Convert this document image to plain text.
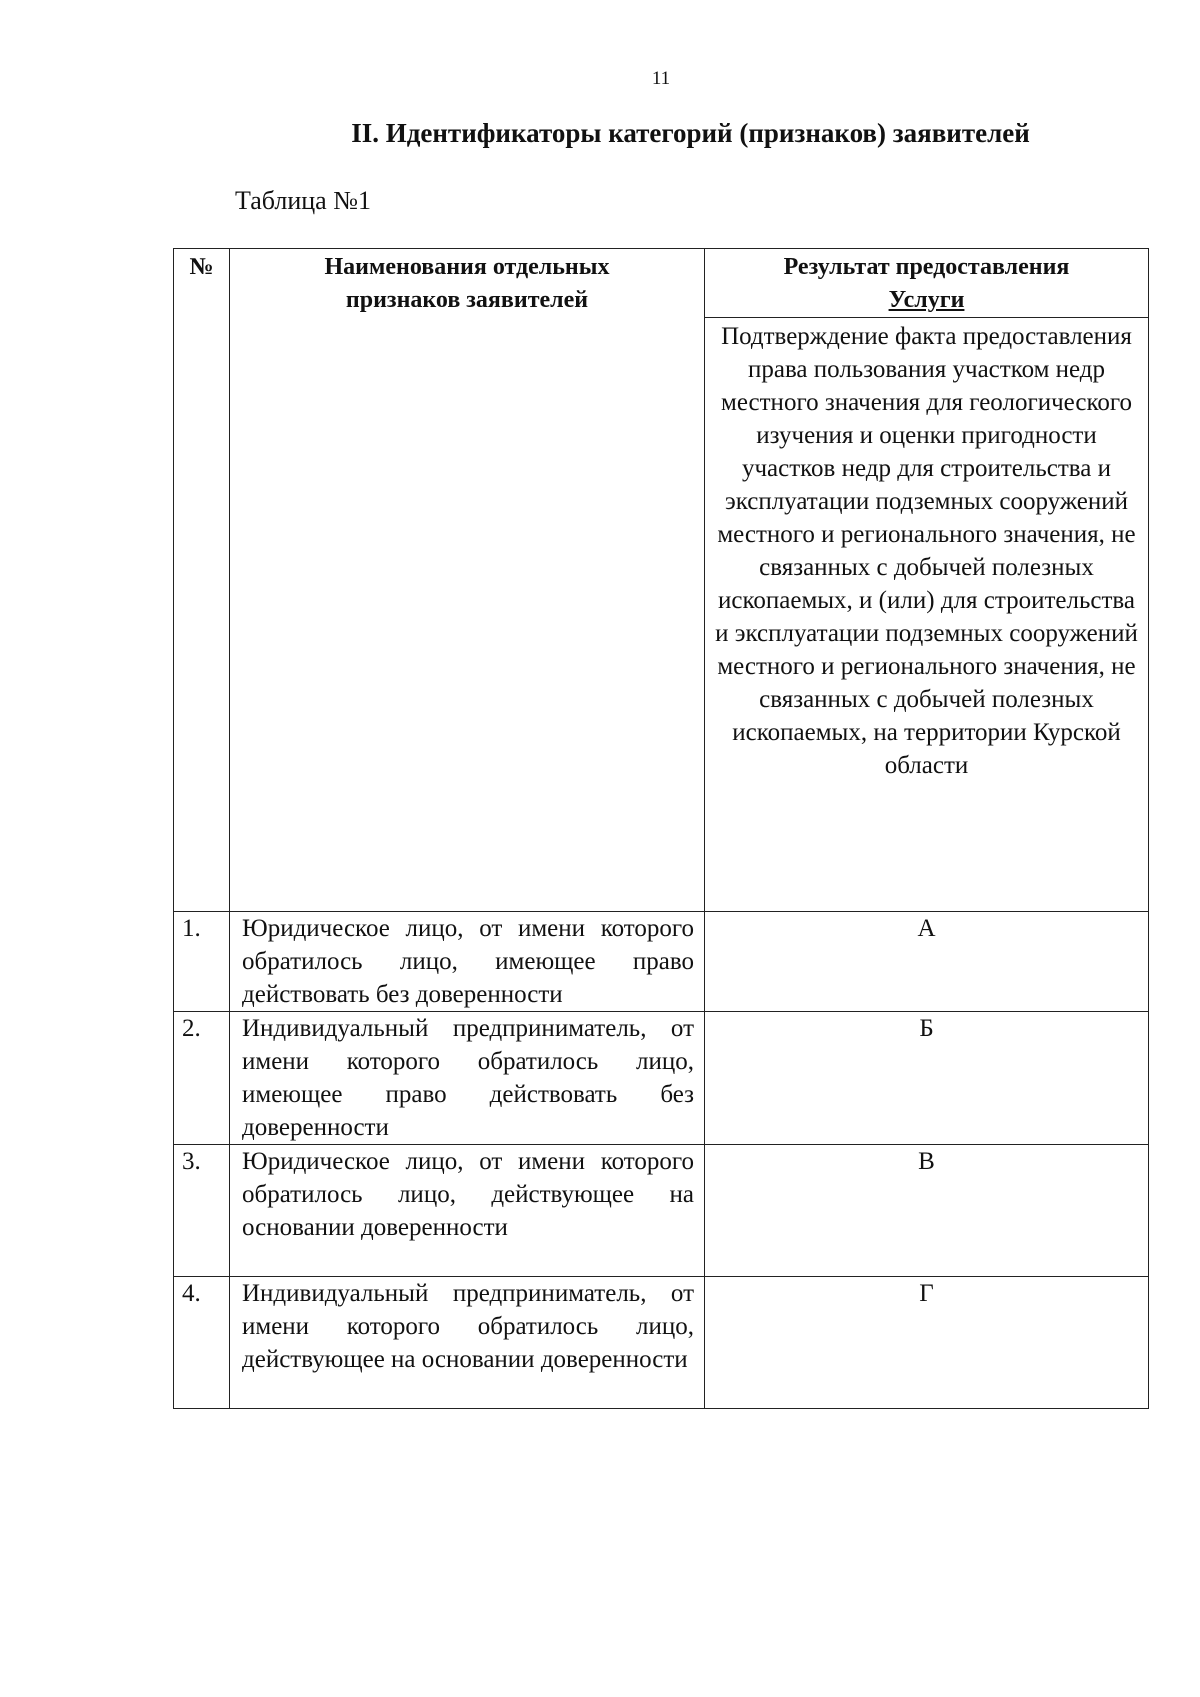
11
II. Идентификаторы категорий (признаков) заявителей
Таблица №1
№	Наименования отдельных признаков заявителей	Результат предоставления
Услуги

		Подтверждение факта предоставления права пользования участком недр местного значения для геологического изучения и оценки пригодности участков недр для строительства и эксплуатации подземных сооружений местного и регионального значения, не связанных с добычей полезных ископаемых, и (или) для строительства и эксплуатации подземных сооружений местного и регионального значения, не связанных с добычей полезных ископаемых, на территории Курской области
1.	Юридическое лицо, от имени которого обратилось лицо, имеющее право действовать без доверенности	А
2.	Индивидуальный предприниматель, от имени которого обратилось лицо, имеющее право действовать без доверенности	Б
3.	Юридическое лицо, от имени которого обратилось лицо, действующее на основании доверенности	В
4.	Индивидуальный предприниматель, от имени которого обратилось лицо, действующее на основании доверенности	Г
